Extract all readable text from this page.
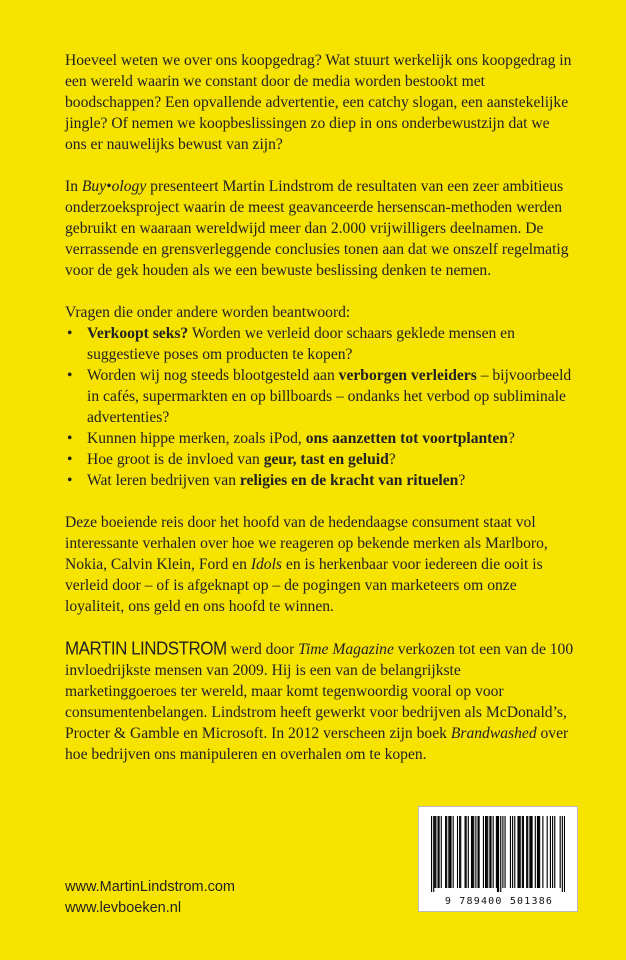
Hoeveel weten we over ons koopgedrag? Wat stuurt werkelijk ons koopgedrag in een wereld waarin we constant door de media worden bestookt met boodschappen? Een opvallende advertentie, een catchy slogan, een aanstekelijke jingle? Of nemen we koopbeslissingen zo diep in ons onderbewustzijn dat we ons er nauwelijks bewust van zijn?

In Buy•ology presenteert Martin Lindstrom de resultaten van een zeer ambitieus onderzoeksproject waarin de meest geavanceerde hersenscan-methoden werden gebruikt en waaraan wereldwijd meer dan 2.000 vrijwilligers deelnamen. De verrassende en grensverleggende conclusies tonen aan dat we onszelf regelmatig voor de gek houden als we een bewuste beslissing denken te nemen.

Vragen die onder andere worden beantwoord:

• Verkoopt seks? Worden we verleid door schaars geklede mensen en suggestieve poses om producten te kopen?
• Worden wij nog steeds blootgesteld aan verborgen verleiders – bijvoorbeeld in cafés, supermarkten en op billboards – ondanks het verbod op subliminale advertenties?
• Kunnen hippe merken, zoals iPod, ons aanzetten tot voortplanten?
• Hoe groot is de invloed van geur, tast en geluid?
• Wat leren bedrijven van religies en de kracht van rituelen?

Deze boeiende reis door het hoofd van de hedendaagse consument staat vol interessante verhalen over hoe we reageren op bekende merken als Marlboro, Nokia, Calvin Klein, Ford en Idols en is herkenbaar voor iedereen die ooit is verleid door – of is afgeknapt op – de pogingen van marketeers om onze loyaliteit, ons geld en ons hoofd te winnen.

MARTIN LINDSTROM werd door Time Magazine verkozen tot een van de 100 invloedrijkste mensen van 2009. Hij is een van de belangrijkste marketinggoeroes ter wereld, maar komt tegenwoordig vooral op voor consumentenbelangen. Lindstrom heeft gewerkt voor bedrijven als McDonald’s, Procter & Gamble en Microsoft. In 2012 verscheen zijn boek Brandwashed over hoe bedrijven ons manipuleren en overhalen om te kopen.

9 789400 501386
www.MartinLindstrom.com
www.levboeken.nl
